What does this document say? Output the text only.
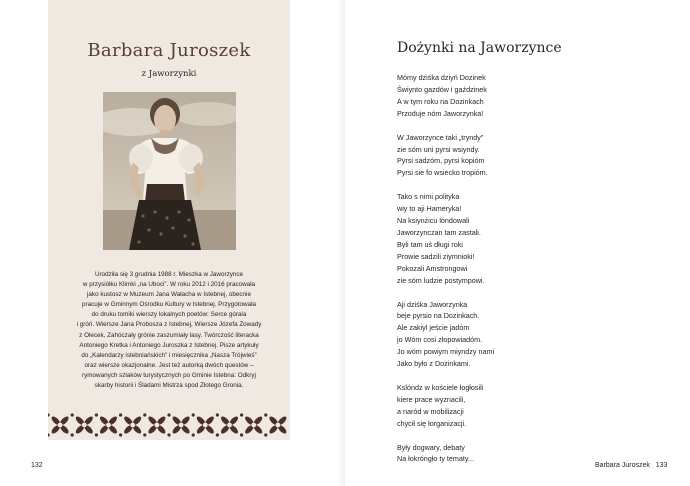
Barbara Juroszek
z Jaworzynki

Urodziła się 3 grudnia 1988 r. Mieszka w Jaworzynce

w przysiółku Klimki „na Uboci”. W roku 2012 i 2016 pracowała

jako kustosz w Muzeum Jana Wałacha w Istebnej, obecnie

pracuje w Gminnym Ośrodku Kultury w Istebnej. Przygotowała

do druku tomiki wierszy lokalnych poetów: Serce górala

i gróń. Wiersze Jana Probosza z Istebnej, Wiersze Józefa Zowady

z Olecek, Zahóczały grónie zaszumiały lasy. Twórczość literacka

Antoniego Kretka i Antoniego Juroszka z Istebnej. Pisze artykuły

do „Kalendarzy istebniańskich” i miesięcznika „Nasza Trójwieś”

oraz wiersze okazjonalne. Jest też autorką dwóch questów –

rymowanych szlaków turystycznych po Gminie Istebna: Odkryj

skarby historii i Śladami Mistrza spod Złotego Gronia.

132
Dożynki na Jaworzynce

Mómy dziśka dziyń Dozinek

Świynto gazdów i gaździnek

A w tym roku na Dozinkach

Przoduje nóm Jaworzynka!

W Jaworzynce taki „tryndy”

zie sóm uni pyrsi wsiyndy.

Pyrsi sadzóm, pyrsi kopióm

Pyrsi sie fo wsiecko tropióm.

Tako s nimi polityka

wiy to aji Hameryka!

Na ksiynżicu lóndowali

Jaworzynczan tam zastali.

Byli tam uś długi roki

Prowie sadzili ziymnioki!

Pokozali Amstrongowi

zie sóm ludzie postympowi.

Aji dziśka Jaworzynka

beje pyrsio na Dozinkach.

Ale zakiyl jeście jadóm

jo Wóm cosi złopowiadóm.

Jo wóm powiym miyndzy nami

Jako było z Dozinkami.

Kslóndz w kościele łogłosili

kiere prace wyznacili,

a naród w mobilizacji

chycił się łorganizacji.

Były dogwary, debaty

Na łokróngło ty tematy...

Barbara Juroszek 133
